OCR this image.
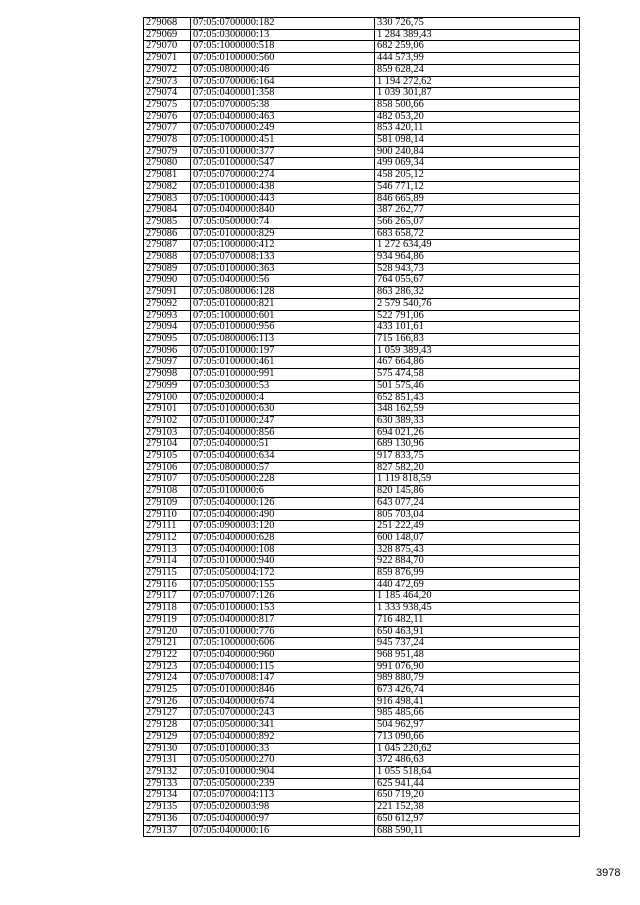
279068	07:05:0700000:182	330 726,75
279069	07:05:0300000:13	1 284 389,43
279070	07:05:1000000:518	682 259,06
279071	07:05:0100000:560	444 573,99
279072	07:05:0800000:46	859 628,24
279073	07:05:0700006:164	1 194 272,62
279074	07:05:0400001:358	1 039 301,87
279075	07:05:0700005:38	858 500,66
279076	07:05:0400000:463	482 053,20
279077	07:05:0700000:249	853 420,11
279078	07:05:1000000:451	581 098,14
279079	07:05:0100000:377	900 240,84
279080	07:05:0100000:547	499 069,34
279081	07:05:0700000:274	458 205,12
279082	07:05:0100000:438	546 771,12
279083	07:05:1000000:443	846 665,89
279084	07:05:0400000:840	387 262,77
279085	07:05:0500000:74	566 265,07
279086	07:05:0100000:829	683 658,72
279087	07:05:1000000:412	1 272 634,49
279088	07:05:0700008:133	934 964,86
279089	07:05:0100000:363	528 943,73
279090	07:05:0400000:56	764 055,67
279091	07:05:0800006:128	863 286,32
279092	07:05:0100000:821	2 579 540,76
279093	07:05:1000000:601	522 791,06
279094	07:05:0100000:956	433 101,61
279095	07:05:0800006:113	715 166,83
279096	07:05:0100000:197	1 059 389,43
279097	07:05:0100000:461	467 664,86
279098	07:05:0100000:991	575 474,58
279099	07:05:0300000:53	501 575,46
279100	07:05:0200000:4	652 851,43
279101	07:05:0100000:630	348 162,59
279102	07:05:0100000:247	630 389,33
279103	07:05:0400000:856	694 021,26
279104	07:05:0400000:51	689 130,96
279105	07:05:0400000:634	917 833,75
279106	07:05:0800000:57	827 582,20
279107	07:05:0500000:228	1 119 818,59
279108	07:05:0100000:6	820 145,86
279109	07:05:0400000:126	643 077,24
279110	07:05:0400000:490	805 703,04
279111	07:05:0900003:120	251 222,49
279112	07:05:0400000:628	600 148,07
279113	07:05:0400000:108	328 875,43
279114	07:05:0100000:940	922 884,70
279115	07:05:0500004:172	859 876,99
279116	07:05:0500000:155	440 472,69
279117	07:05:0700007:126	1 185 464,20
279118	07:05:0100000:153	1 333 938,45
279119	07:05:0400000:817	716 482,11
279120	07:05:0100000:776	650 463,91
279121	07:05:1000000:606	945 737,24
279122	07:05:0400000:960	968 951,48
279123	07:05:0400000:115	991 076,90
279124	07:05:0700008:147	989 880,79
279125	07:05:0100000:846	673 426,74
279126	07:05:0400000:674	916 498,41
279127	07:05:0700000:243	985 485,66
279128	07:05:0500000:341	504 962,97
279129	07:05:0400000:892	713 090,66
279130	07:05:0100000:33	1 045 220,62
279131	07:05:0500000:270	372 486,63
279132	07:05:0100000:904	1 055 518,64
279133	07:05:0500000:239	625 941,44
279134	07:05:0700004:113	650 719,20
279135	07:05:0200003:98	221 152,38
279136	07:05:0400000:97	650 612,97
279137	07:05:0400000:16	688 590,11
3978
